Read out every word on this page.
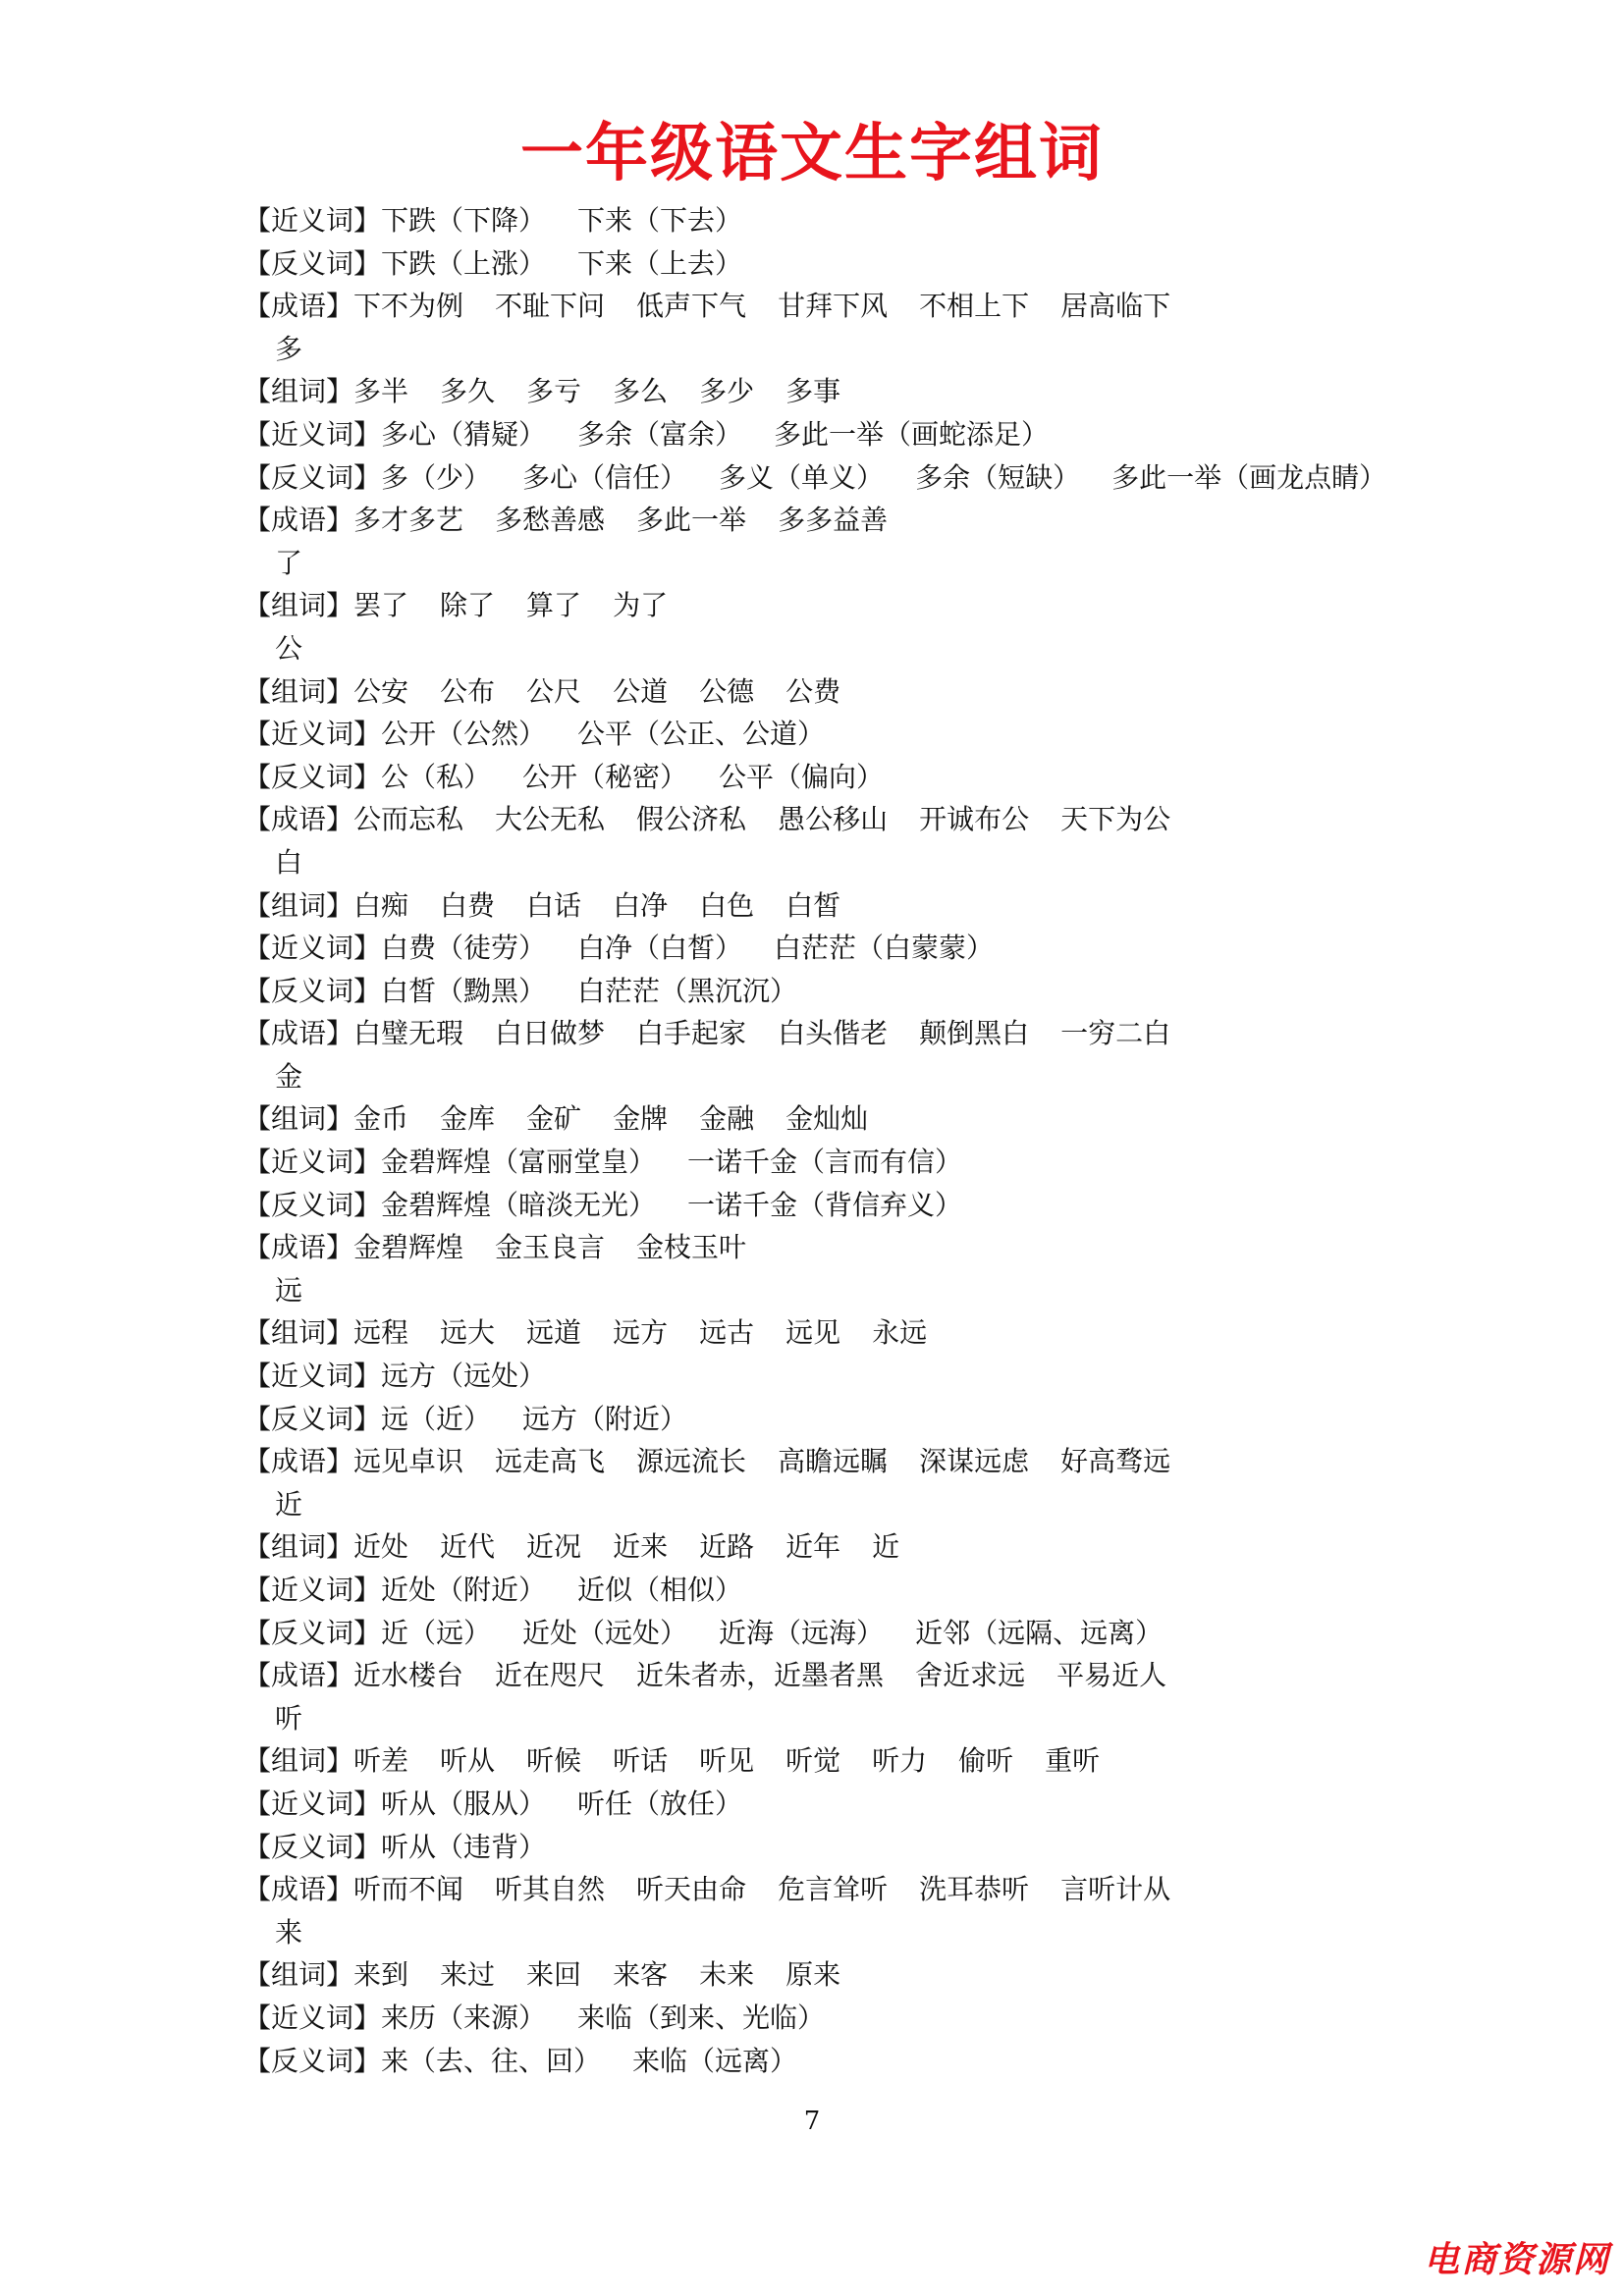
一年级语文生字组词
【近义词】下跌（下降） 下来（下去）
【反义词】下跌（上涨） 下来（上去）
【成语】下不为例 不耻下问 低声下气 甘拜下风 不相上下 居高临下
多
【组词】多半 多久 多亏 多么 多少 多事
【近义词】多心（猜疑） 多余（富余） 多此一举（画蛇添足）
【反义词】多（少） 多心（信任） 多义（单义） 多余（短缺） 多此一举（画龙点睛）
【成语】多才多艺 多愁善感 多此一举 多多益善
了
【组词】罢了 除了 算了 为了
公
【组词】公安 公布 公尺 公道 公德 公费
【近义词】公开（公然） 公平（公正、公道）
【反义词】公（私） 公开（秘密） 公平（偏向）
【成语】公而忘私 大公无私 假公济私 愚公移山 开诚布公 天下为公
白
【组词】白痴 白费 白话 白净 白色 白皙
【近义词】白费（徒劳） 白净（白皙） 白茫茫（白蒙蒙）
【反义词】白皙（黝黑） 白茫茫（黑沉沉）
【成语】白璧无瑕 白日做梦 白手起家 白头偕老 颠倒黑白 一穷二白
金
【组词】金币 金库 金矿 金牌 金融 金灿灿
【近义词】金碧辉煌（富丽堂皇） 一诺千金（言而有信）
【反义词】金碧辉煌（暗淡无光） 一诺千金（背信弃义）
【成语】金碧辉煌 金玉良言 金枝玉叶
远
【组词】远程 远大 远道 远方 远古 远见 永远
【近义词】远方（远处）
【反义词】远（近） 远方（附近）
【成语】远见卓识 远走高飞 源远流长 高瞻远瞩 深谋远虑 好高骛远
近
【组词】近处 近代 近况 近来 近路 近年 近
【近义词】近处（附近） 近似（相似）
【反义词】近（远） 近处（远处） 近海（远海） 近邻（远隔、远离）
【成语】近水楼台 近在咫尺 近朱者赤，近墨者黑 舍近求远 平易近人
听
【组词】听差 听从 听候 听话 听见 听觉 听力 偷听 重听
【近义词】听从（服从） 听任（放任）
【反义词】听从（违背）
【成语】听而不闻 听其自然 听天由命 危言耸听 洗耳恭听 言听计从
来
【组词】来到 来过 来回 来客 未来 原来
【近义词】来历（来源） 来临（到来、光临）
【反义词】来（去、往、回） 来临（远离）
7
电商资源网
